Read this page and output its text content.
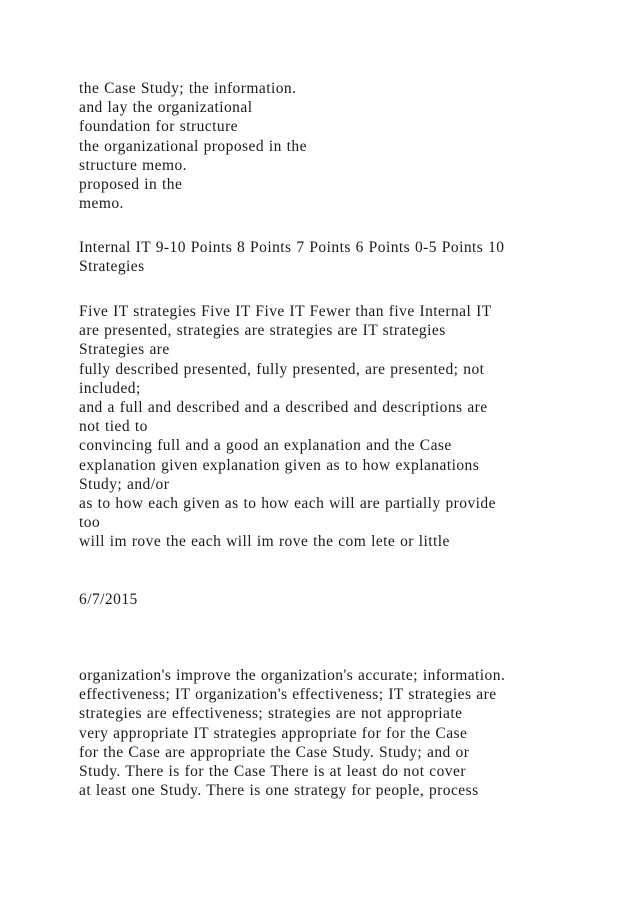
the Case Study; the information.
and lay the organizational
foundation for structure
the organizational proposed in the
structure memo.
proposed in the
memo.
Internal IT 9-10 Points 8 Points 7 Points 6 Points 0-5 Points 10
Strategies
Five IT strategies Five IT Five IT Fewer than five Internal IT
are presented, strategies are strategies are IT strategies
Strategies are
fully described presented, fully presented, are presented; not
included;
and a full and described and a described and descriptions are
not tied to
convincing full and a good an explanation and the Case
explanation given explanation given as to how explanations
Study; and/or
as to how each given as to how each will are partially provide
too
will im rove the each will im rove the com lete or little
6/7/2015
organization's improve the organization's accurate; information.
effectiveness; IT organization's effectiveness; IT strategies are
strategies are effectiveness; strategies are not appropriate
very appropriate IT strategies appropriate for for the Case
for the Case are appropriate the Case Study. Study; and or
Study. There is for the Case There is at least do not cover
at least one Study. There is one strategy for people, process
